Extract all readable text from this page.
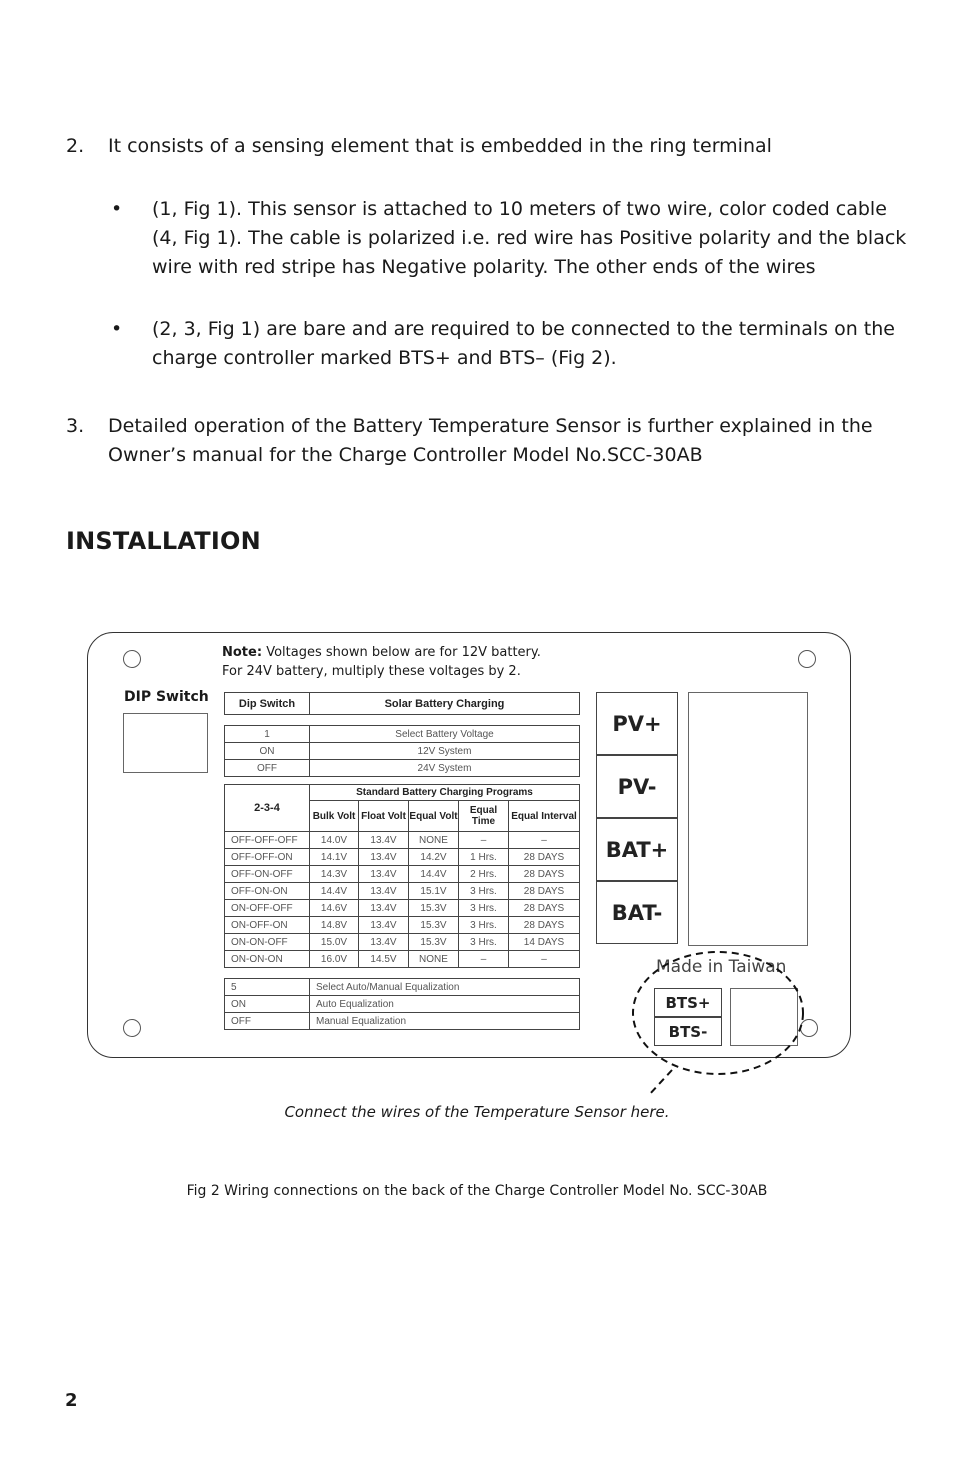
2. It consists of a sensing element that is embedded in the ring terminal
• (1, Fig 1). This sensor is attached to 10 meters of two wire, color coded cable (4, Fig 1). The cable is polarized i.e. red wire has Positive polarity and the black wire with red stripe has Negative polarity. The other ends of the wires
• (2, 3, Fig 1) are bare and are required to be connected to the terminals on the charge controller marked BTS+ and BTS– (Fig 2).
3. Detailed operation of the Battery Temperature Sensor is further explained in the Owner’s manual for the Charge Controller Model No.SCC-30AB
INSTALLATION
Note: Voltages shown below are for 12V battery.
For 24V battery, multiply these voltages by 2.
DIP Switch	Dip Switch	Solar Battery Charging
1	Select Battery Voltage
ON	12V System
OFF	24V System
2-3-4	Standard Battery Charging Programs				
	Bulk Volt	Float Volt	Equal Volt	Equal Time	Equal Interval
OFF-OFF-OFF	14.0V	13.4V	NONE	–	–
OFF-OFF-ON	14.1V	13.4V	14.2V	1 Hrs.	28 DAYS
OFF-ON-OFF	14.3V	13.4V	14.4V	2 Hrs.	28 DAYS
OFF-ON-ON	14.4V	13.4V	15.1V	3 Hrs.	28 DAYS
ON-OFF-OFF	14.6V	13.4V	15.3V	3 Hrs.	28 DAYS
ON-OFF-ON	14.8V	13.4V	15.3V	3 Hrs.	28 DAYS
ON-ON-OFF	15.0V	13.4V	15.3V	3 Hrs.	14 DAYS
ON-ON-ON	16.0V	14.5V	NONE	–	–
5	Select Auto/Manual Equalization
ON	Auto Equalization
OFF	Manual Equalization
PV+
PV-
BAT+
BAT-
Made in Taiwan
BTS+
BTS-
Connect the wires of the Temperature Sensor here.
Fig 2 Wiring connections on the back of the Charge Controller Model No. SCC-30AB
2
